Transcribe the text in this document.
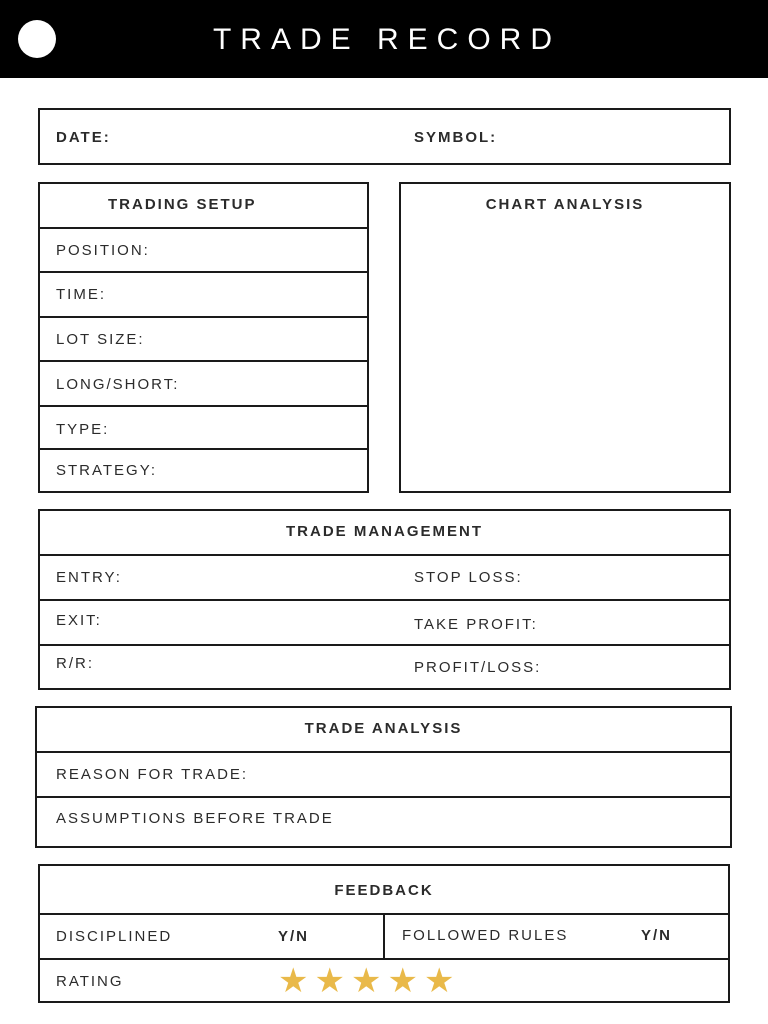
TRADE RECORD
DATE:	SYMBOL:
TRADING SETUP
POSITION:
TIME:
LOT SIZE:
LONG/SHORT:
TYPE:
STRATEGY:
CHART ANALYSIS
TRADE MANAGEMENT
ENTRY:	STOP LOSS:
EXIT:	TAKE PROFIT:
R/R:	PROFIT/LOSS:
TRADE ANALYSIS
REASON FOR TRADE:
ASSUMPTIONS BEFORE TRADE
FEEDBACK
DISCIPLINED	Y/N	FOLLOWED RULES	Y/N
RATING	★ ★ ★ ★ ★
